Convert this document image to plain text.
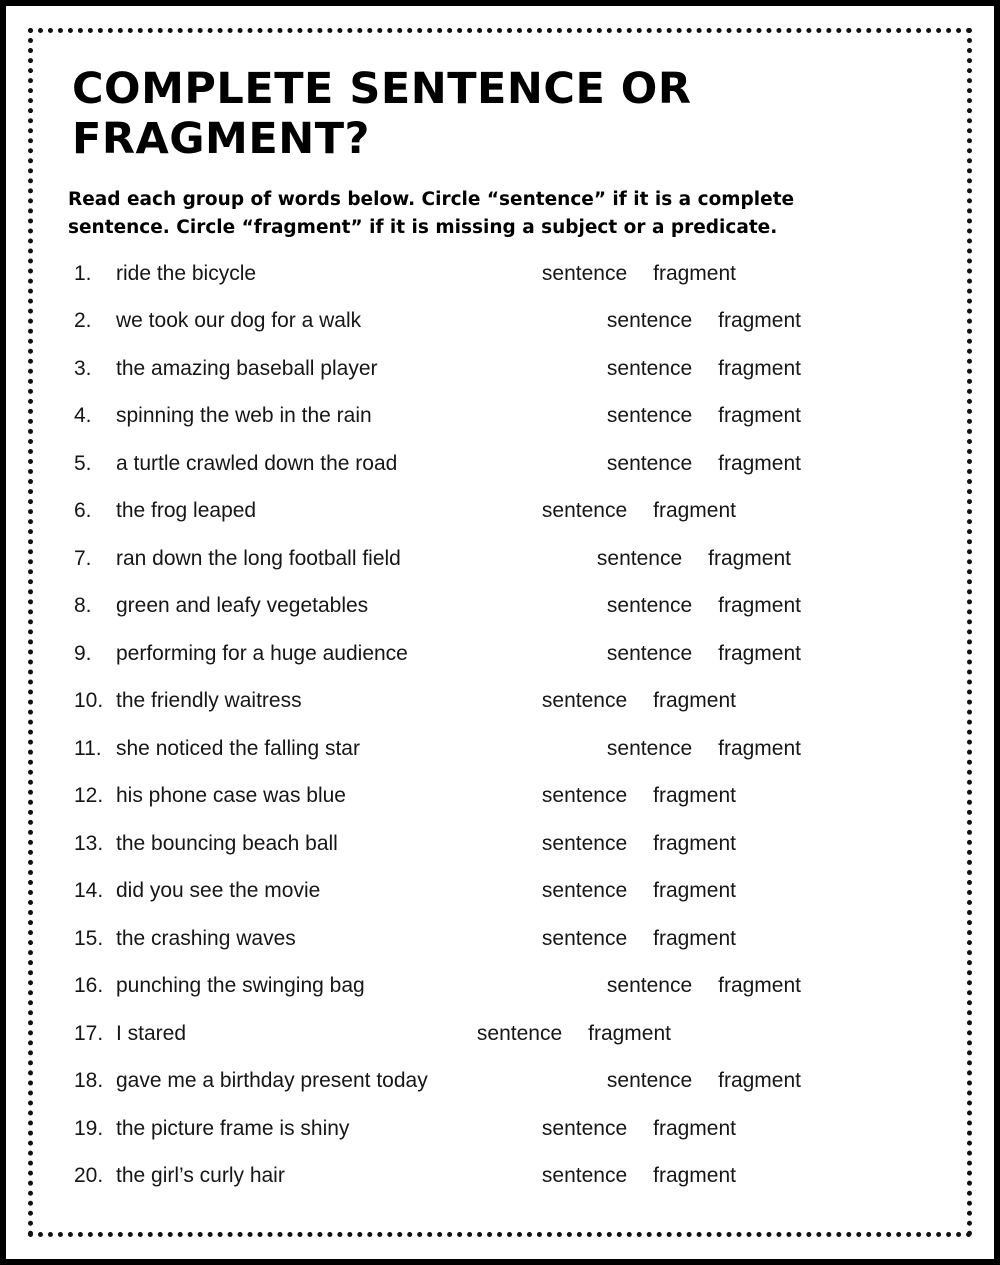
COMPLETE SENTENCE OR FRAGMENT?
Read each group of words below. Circle “sentence” if it is a complete sentence. Circle “fragment” if it is missing a subject or a predicate.
1.	ride the bicycle	sentence fragment
2.	we took our dog for a walk	sentence fragment
3.	the amazing baseball player	sentence fragment
4.	spinning the web in the rain	sentence fragment
5.	a turtle crawled down the road	sentence fragment
6.	the frog leaped	sentence fragment
7.	ran down the long football field	sentence fragment
8.	green and leafy vegetables	sentence fragment
9.	performing for a huge audience	sentence fragment
10. the friendly waitress	sentence fragment
11. she noticed the falling star	sentence fragment
12. his phone case was blue	sentence fragment
13. the bouncing beach ball	sentence fragment
14. did you see the movie	sentence fragment
15. the crashing waves	sentence fragment
16. punching the swinging bag	sentence fragment
17. I stared	sentence fragment
18. gave me a birthday present today	sentence fragment
19. the picture frame is shiny	sentence fragment
20. the girl’s curly hair	sentence fragment
